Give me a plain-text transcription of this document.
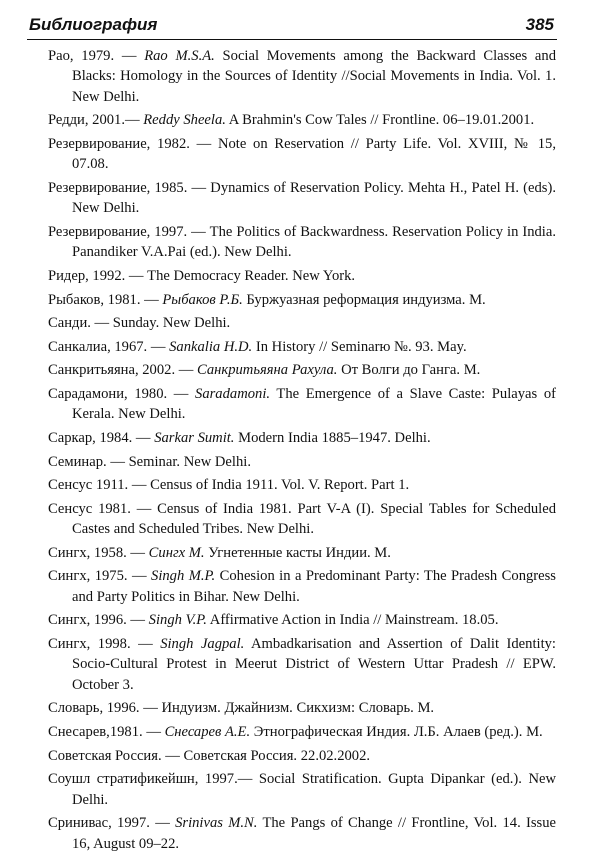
Библиография	385
Рао, 1979. — Rao M.S.A. Social Movements among the Backward Classes and Blacks: Homology in the Sources of Identity //Social Movements in India. Vol. 1. New Delhi.
Редди, 2001.— Reddy Sheela. A Brahmin's Cow Tales // Frontline. 06–19.01.2001.
Резервирование, 1982. — Note on Reservation // Party Life. Vol. XVIII, № 15, 07.08.
Резервирование, 1985. — Dynamics of Reservation Policy. Mehta H., Patel H. (eds). New Delhi.
Резервирование, 1997. — The Politics of Backwardness. Reservation Policy in India. Panandiker V.A.Pai (ed.). New Delhi.
Ридер, 1992. — The Democracy Reader. New York.
Рыбаков, 1981. — Рыбаков Р.Б. Буржуазная реформация индуизма. М.
Санди. — Sunday. New Delhi.
Санкалиа, 1967. — Sankalia H.D. In History // Seminаrю №. 93. May.
Санкритьяяна, 2002. — Санкритьяяна Рахула. От Волги до Ганга. М.
Сарадамони, 1980. — Saradamoni. The Emergence of a Slave Caste: Pulayas of Kerala. New Delhi.
Саркар, 1984. — Sarkar Sumit. Modern India 1885–1947. Delhi.
Семинар. — Seminar. New Delhi.
Сенсус 1911. — Census of India 1911. Vol. V. Report. Part 1.
Сенсус 1981. — Census of India 1981. Part V-A (I). Special Tables for Scheduled Castes and Scheduled Tribes. New Delhi.
Сингх, 1958. — Сингх М. Угнетенные касты Индии. М.
Сингх, 1975. — Singh M.P. Cohesion in a Predominant Party: The Pradesh Congress and Party Politics in Bihar. New Delhi.
Сингх, 1996. — Singh V.P. Affirmative Action in India // Mainstream. 18.05.
Сингх, 1998. — Singh Jagpal. Ambadkarisation and Assertion of Dalit Identity: Socio-Cultural Protest in Meerut District of Western Uttar Pradesh // EPW. October 3.
Словарь, 1996. — Индуизм. Джайнизм. Сикхизм: Словарь. М.
Снесарев,1981. — Снесарев А.Е. Этнографическая Индия. Л.Б. Алаев (ред.). М.
Советская Россия. — Советская Россия. 22.02.2002.
Соушл стратификейшн, 1997.— Social Stratification. Gupta Dipankar (ed.). New Delhi.
Сринивас, 1997. — Srinivas M.N. The Pangs of Change // Frontline, Vol. 14. Issue 16, August 09–22.
